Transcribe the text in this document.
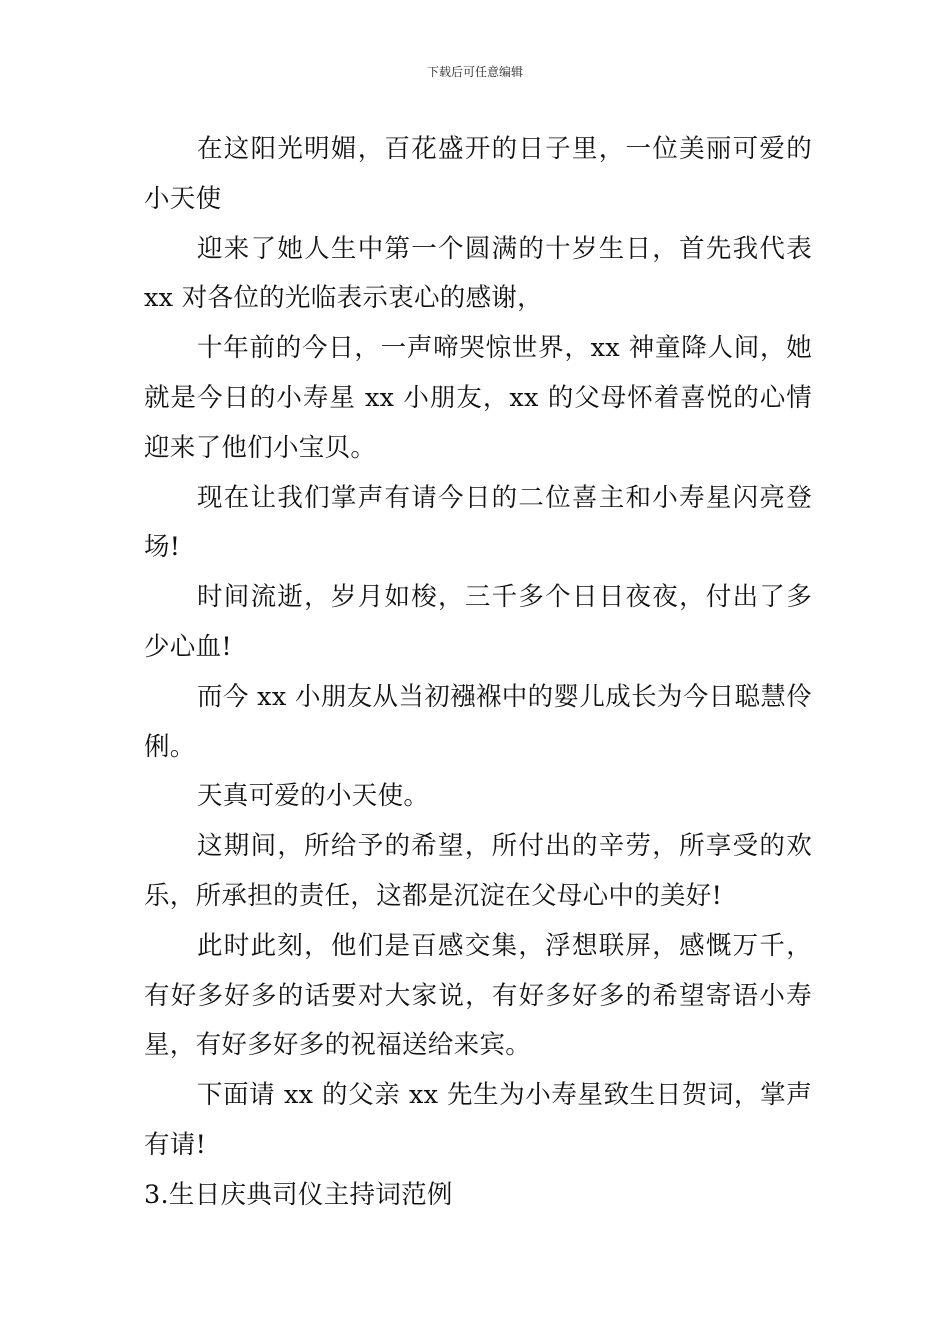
下载后可任意编辑

在这阳光明媚，百花盛开的日子里，一位美丽可爱的小天使

迎来了她人生中第一个圆满的十岁生日，首先我代表 xx 对各位的光临表示衷心的感谢，

十年前的今日，一声啼哭惊世界，xx 神童降人间，她就是今日的小寿星 xx 小朋友，xx 的父母怀着喜悦的心情迎来了他们小宝贝。

现在让我们掌声有请今日的二位喜主和小寿星闪亮登场!

时间流逝，岁月如梭，三千多个日日夜夜，付出了多少心血!

而今 xx 小朋友从当初襁褓中的婴儿成长为今日聪慧伶俐。

天真可爱的小天使。

这期间，所给予的希望，所付出的辛劳，所享受的欢乐，所承担的责任，这都是沉淀在父母心中的美好!

此时此刻，他们是百感交集，浮想联屏，感慨万千，有好多好多的话要对大家说，有好多好多的希望寄语小寿星，有好多好多的祝福送给来宾。

下面请 xx 的父亲 xx 先生为小寿星致生日贺词，掌声有请!

3.生日庆典司仪主持词范例
